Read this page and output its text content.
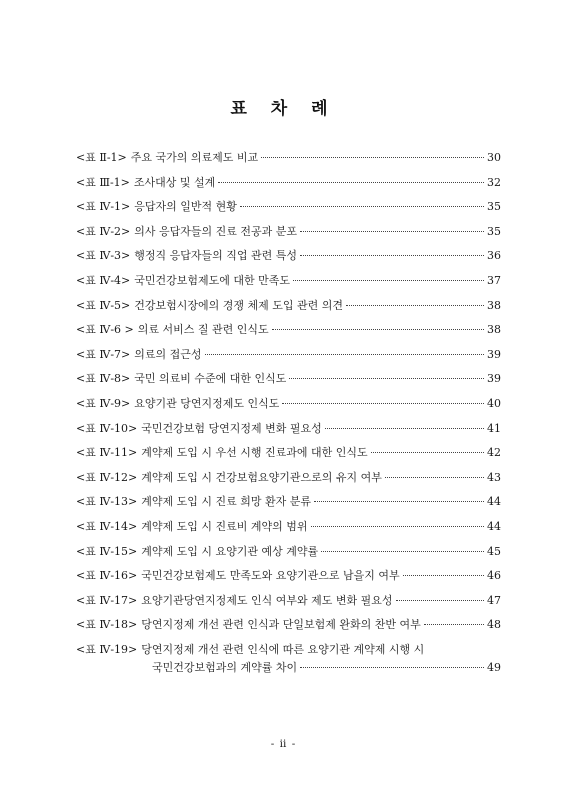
표 차 례
<표 Ⅱ-1> 주요 국가의 의료제도 비교	30
<표 Ⅲ-1> 조사대상 및 설계	32
<표 Ⅳ-1> 응답자의 일반적 현황	35
<표 Ⅳ-2> 의사 응답자들의 진료 전공과 분포	35
<표 Ⅳ-3> 행정직 응답자들의 직업 관련 특성	36
<표 Ⅳ-4> 국민건강보험제도에 대한 만족도	37
<표 Ⅳ-5> 건강보험시장에의 경쟁 체제 도입 관련 의견	38
<표 Ⅳ-6 > 의료 서비스 질 관련 인식도	38
<표 Ⅳ-7> 의료의 접근성	39
<표 Ⅳ-8> 국민 의료비 수준에 대한 인식도	39
<표 Ⅳ-9> 요양기관 당연지정제도 인식도	40
<표 Ⅳ-10> 국민건강보험 당연지정제 변화 필요성	41
<표 Ⅳ-11> 계약제 도입 시 우선 시행 진료과에 대한 인식도	42
<표 Ⅳ-12> 계약제 도입 시 건강보험요양기관으로의 유지 여부	43
<표 Ⅳ-13> 계약제 도입 시 진료 희망 환자 분류	44
<표 Ⅳ-14> 계약제 도입 시 진료비 계약의 범위	44
<표 Ⅳ-15> 계약제 도입 시 요양기관 예상 계약률	45
<표 Ⅳ-16> 국민건강보험제도 만족도와 요양기관으로 남을지 여부	46
<표 Ⅳ-17> 요양기관당연지정제도 인식 여부와 제도 변화 필요성	47
<표 Ⅳ-18> 당연지정제 개선 관련 인식과 단일보험제 완화의 찬반 여부	48
<표 Ⅳ-19> 당연지정제 개선 관련 인식에 따른 요양기관 계약제 시행 시
국민건강보험과의 계약률 차이	49
- ⅱ -
